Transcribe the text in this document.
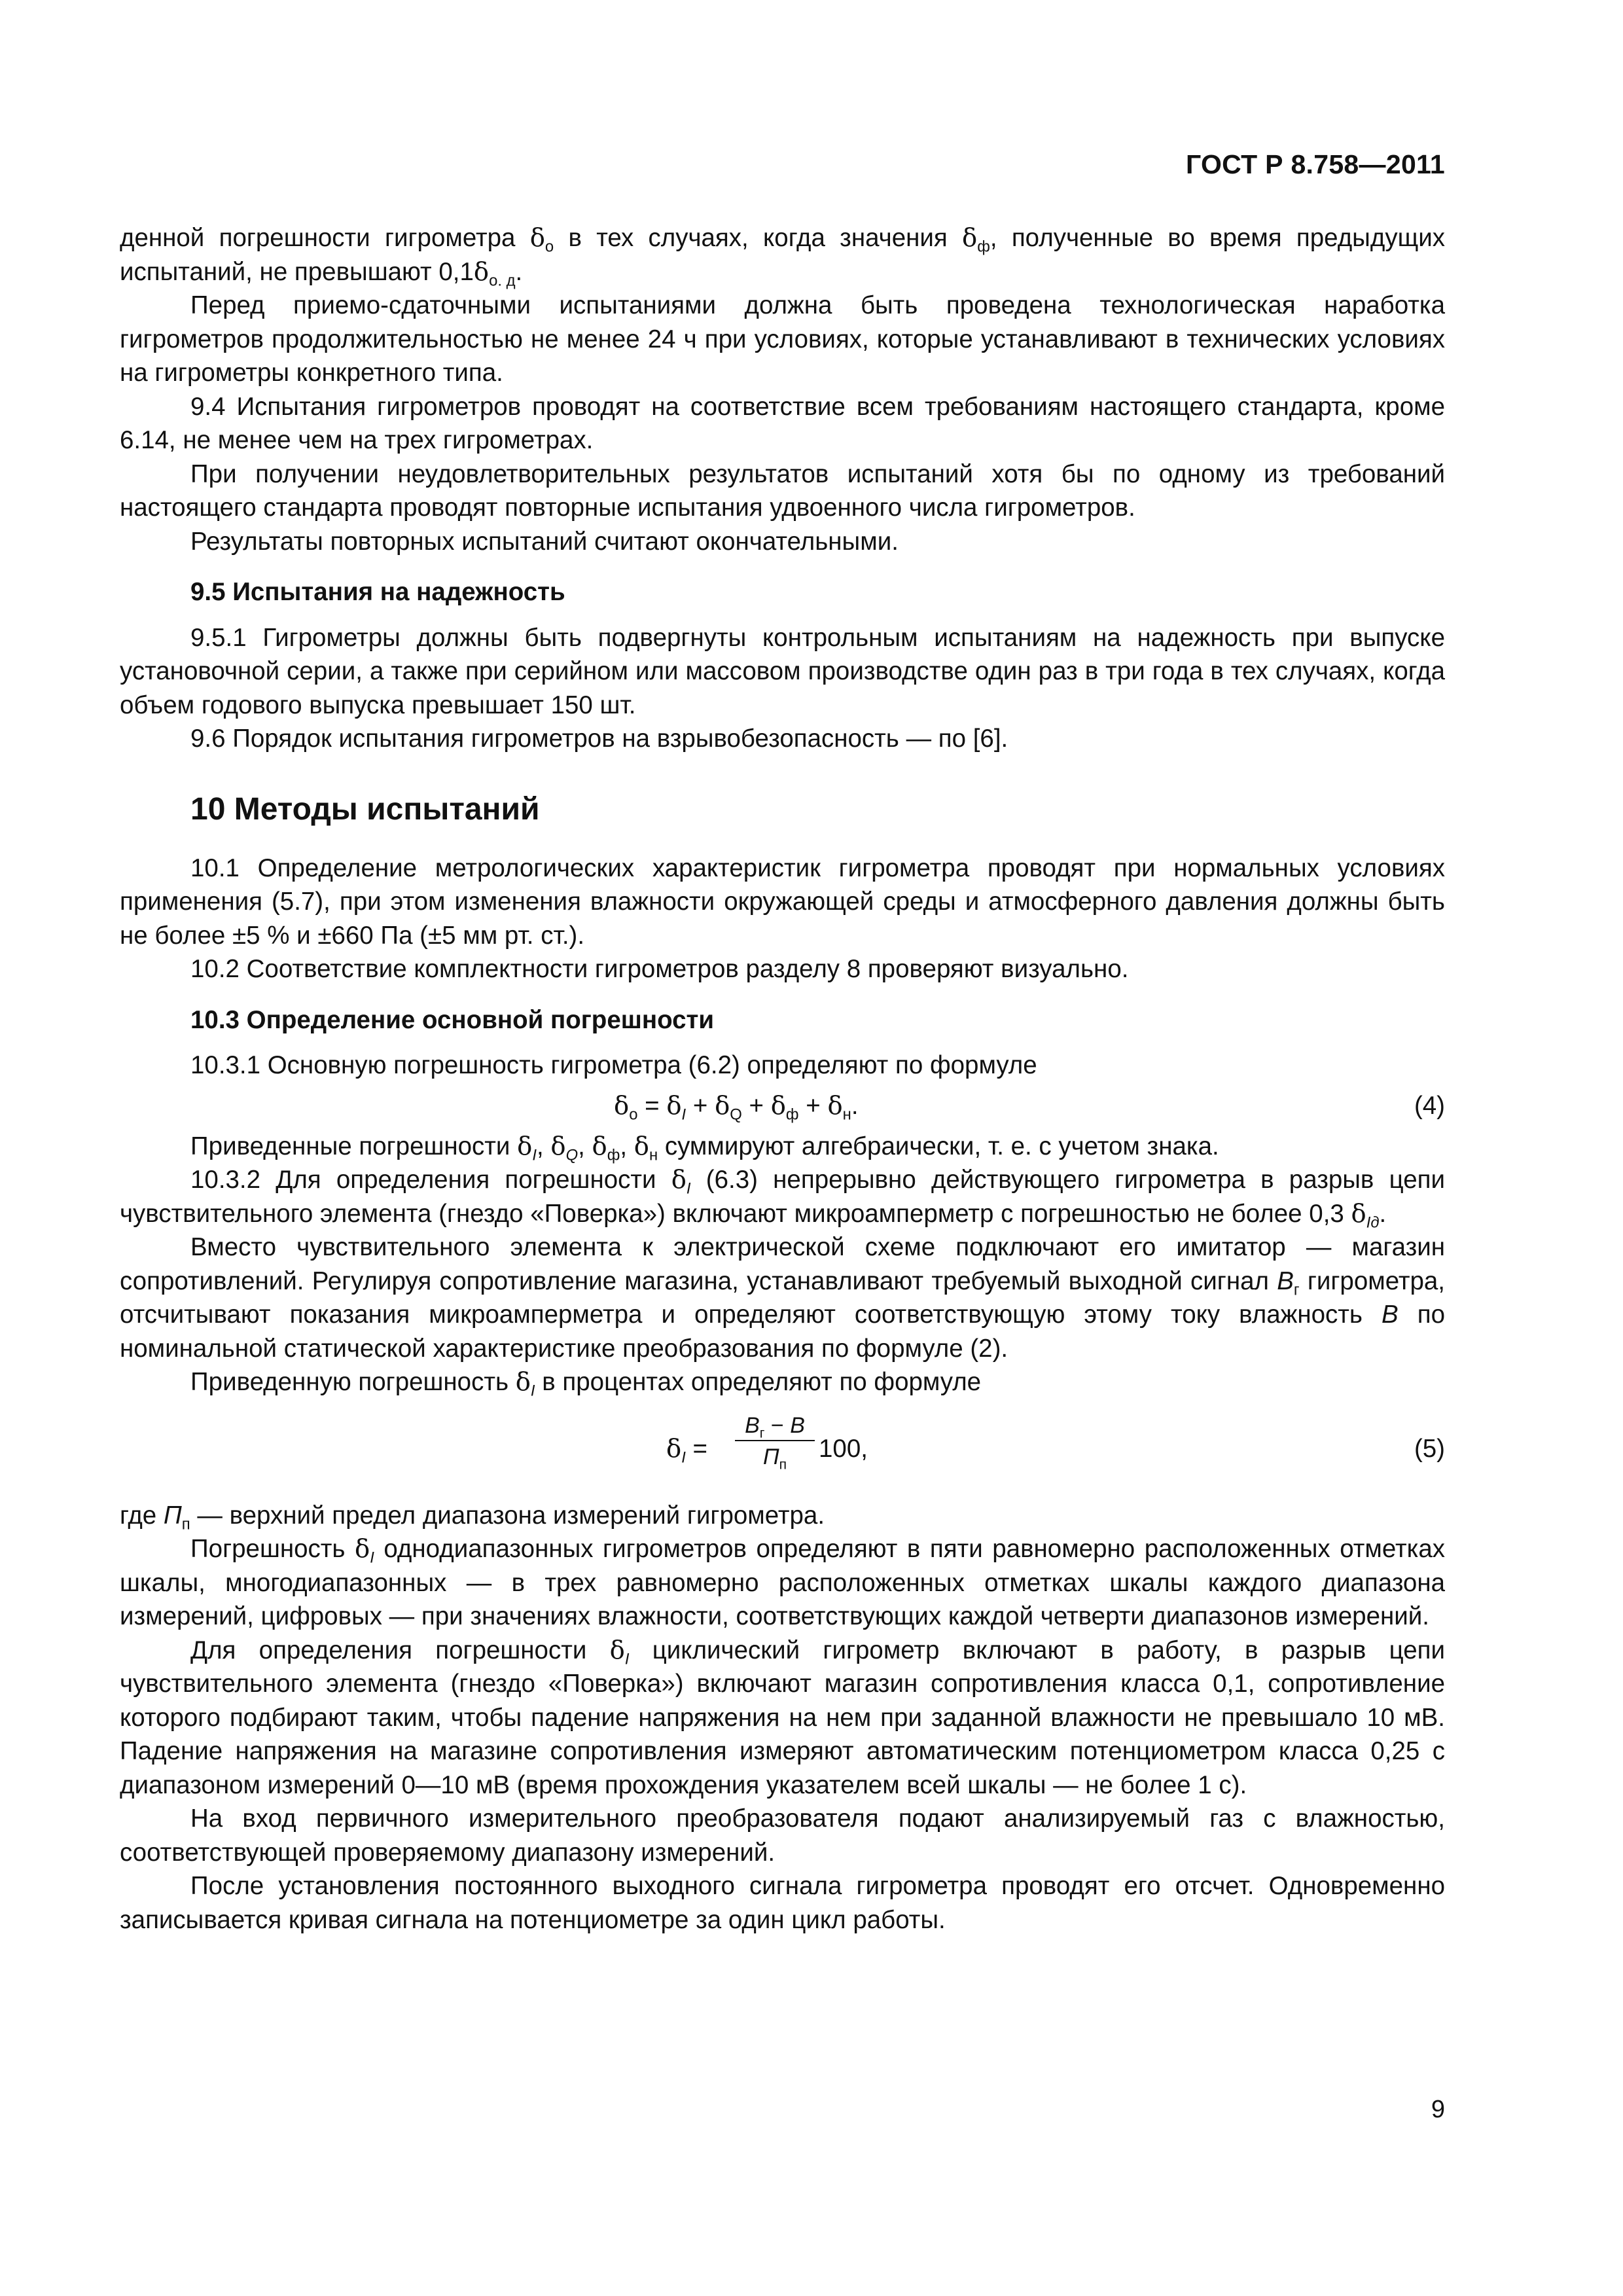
ГОСТ Р 8.758—2011

денной погрешности гигрометра $\delta_о$ в тех случаях, когда значения $\delta_ф$, полученные во время предыдущих испытаний, не превышают $0,1\delta_{о. д}$.

Перед приемо-сдаточными испытаниями должна быть проведена технологическая наработка гигрометров продолжительностью не менее 24 ч при условиях, которые устанавливают в технических условиях на гигрометры конкретного типа.

9.4 Испытания гигрометров проводят на соответствие всем требованиям настоящего стандарта, кроме 6.14, не менее чем на трех гигрометрах.

При получении неудовлетворительных результатов испытаний хотя бы по одному из требований настоящего стандарта проводят повторные испытания удвоенного числа гигрометров.

Результаты повторных испытаний считают окончательными.

9.5 Испытания на надежность

9.5.1 Гигрометры должны быть подвергнуты контрольным испытаниям на надежность при выпуске установочной серии, а также при серийном или массовом производстве один раз в три года в тех случаях, когда объем годового выпуска превышает 150 шт.

9.6 Порядок испытания гигрометров на взрывобезопасность — по [6].

10 Методы испытаний

10.1 Определение метрологических характеристик гигрометра проводят при нормальных условиях применения (5.7), при этом изменения влажности окружающей среды и атмосферного давления должны быть не более ±5 % и ±660 Па (±5 мм рт. ст.).

10.2 Соответствие комплектности гигрометров разделу 8 проверяют визуально.

10.3 Определение основной погрешности

10.3.1 Основную погрешность гигрометра (6.2) определяют по формуле

$\delta_о = \delta_I + \delta_Q + \delta_ф + \delta_н$.	(4)

Приведенные погрешности $\delta_I$, $\delta_Q$, $\delta_ф$, $\delta_н$ суммируют алгебраически, т. е. с учетом знака.

10.3.2 Для определения погрешности $\delta_I$ (6.3) непрерывно действующего гигрометра в разрыв цепи чувствительного элемента (гнездо «Поверка») включают микроамперметр с погрешностью не более 0,3 $\delta_{Iд}$.

Вместо чувствительного элемента к электрической схеме подключают его имитатор — магазин сопротивлений. Регулируя сопротивление магазина, устанавливают требуемый выходной сигнал $B_г$ гигрометра, отсчитывают показания микроамперметра и определяют соответствующую этому току влажность B по номинальной статической характеристике преобразования по формуле (2).

Приведенную погрешность $\delta_I$ в процентах определяют по формуле

$\delta_I$ =
$B_г - B$
$П_п$
100,	(5)

где $П_п$ — верхний предел диапазона измерений гигрометра.

Погрешность $\delta_I$ однодиапазонных гигрометров определяют в пяти равномерно расположенных отметках шкалы, многодиапазонных — в трех равномерно расположенных отметках шкалы каждого диапазона измерений, цифровых — при значениях влажности, соответствующих каждой четверти диапазонов измерений.

Для определения погрешности $\delta_I$ циклический гигрометр включают в работу, в разрыв цепи чувствительного элемента (гнездо «Поверка») включают магазин сопротивления класса 0,1, сопротивление которого подбирают таким, чтобы падение напряжения на нем при заданной влажности не превышало 10 мВ. Падение напряжения на магазине сопротивления измеряют автоматическим потенциометром класса 0,25 с диапазоном измерений 0—10 мВ (время прохождения указателем всей шкалы — не более 1 с).

На вход первичного измерительного преобразователя подают анализируемый газ с влажностью, соответствующей проверяемому диапазону измерений.

После установления постоянного выходного сигнала гигрометра проводят его отсчет. Одновременно записывается кривая сигнала на потенциометре за один цикл работы.

9
